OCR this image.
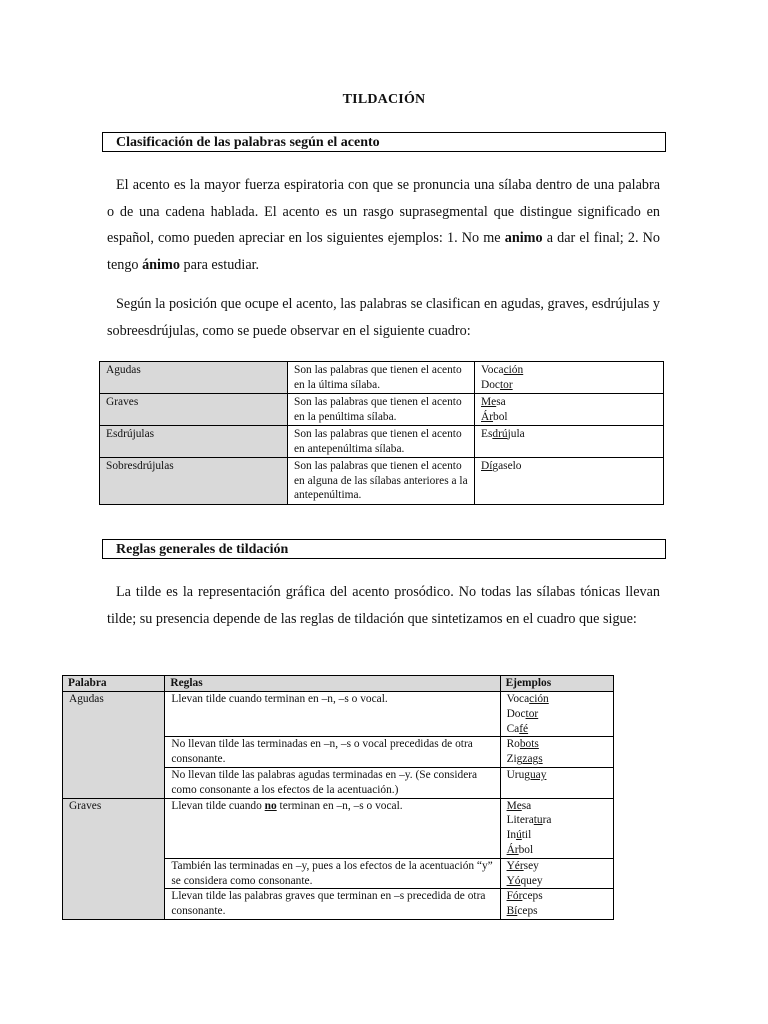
TILDACIÓN
Clasificación de las palabras según el acento

El acento es la mayor fuerza espiratoria con que se pronuncia una sílaba dentro de una palabra o de una cadena hablada. El acento es un rasgo suprasegmental que distingue significado en español, como pueden apreciar en los siguientes ejemplos: 1. No me animo a dar el final; 2. No tengo ánimo para estudiar.

Según la posición que ocupe el acento, las palabras se clasifican en agudas, graves, esdrújulas y sobreesdrújulas, como se puede observar en el siguiente cuadro:

Agudas	Son las palabras que tienen el acento en la última sílaba.	Vocación
Doctor

Graves	Son las palabras que tienen el acento en la penúltima sílaba.	Mesa
Árbol

Esdrújulas	Son las palabras que tienen el acento en antepenúltima sílaba.	Esdrújula

Sobresdrújulas	Son las palabras que tienen el acento en alguna de las sílabas anteriores a la antepenúltima.	Dígaselo
Reglas generales de tildación

La tilde es la representación gráfica del acento prosódico. No todas las sílabas tónicas llevan tilde; su presencia depende de las reglas de tildación que sintetizamos en el cuadro que sigue:

Palabra	Reglas	Ejemplos
Agudas	Llevan tilde cuando terminan en –n, –s o vocal.	Vocación
Doctor
Café

	No llevan tilde las terminadas en –n, –s o vocal precedidas de otra consonante.	Robots
Zigzags

	No llevan tilde las palabras agudas terminadas en –y. (Se considera como consonante a los efectos de la acentuación.)	Uruguay

Graves	Llevan tilde cuando no terminan en –n, –s o vocal.	Mesa
Literatura
Inútil
Árbol

	También las terminadas en –y, pues a los efectos de la acentuación “y” se considera como consonante.	Yérsey
Yóquey

	Llevan tilde las palabras graves que terminan en –s precedida de otra consonante.	Fórceps
Bíceps
